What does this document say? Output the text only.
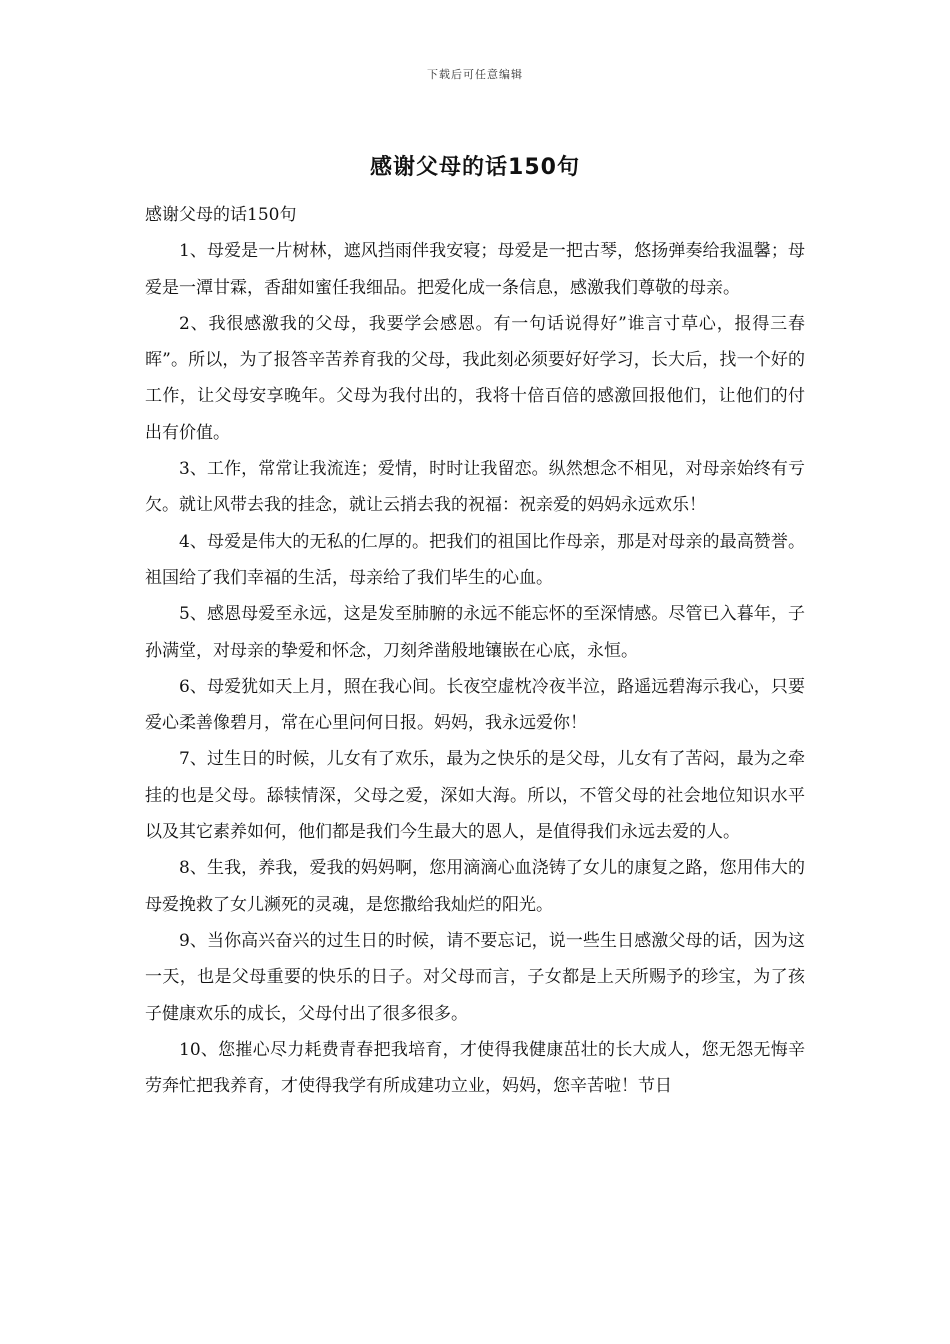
下载后可任意编辑
感谢父母的话150句

感谢父母的话150句

1、母爱是一片树林，遮风挡雨伴我安寝；母爱是一把古琴，悠扬弹奏给我温馨；母爱是一潭甘霖，香甜如蜜任我细品。把爱化成一条信息，感激我们尊敬的母亲。

2、我很感激我的父母，我要学会感恩。有一句话说得好”谁言寸草心，报得三春晖”。所以，为了报答辛苦养育我的父母，我此刻必须要好好学习，长大后，找一个好的工作，让父母安享晚年。父母为我付出的，我将十倍百倍的感激回报他们，让他们的付出有价值。

3、工作，常常让我流连；爱情，时时让我留恋。纵然想念不相见，对母亲始终有亏欠。就让风带去我的挂念，就让云捎去我的祝福：祝亲爱的妈妈永远欢乐！

4、母爱是伟大的无私的仁厚的。把我们的祖国比作母亲，那是对母亲的最高赞誉。祖国给了我们幸福的生活，母亲给了我们毕生的心血。

5、感恩母爱至永远，这是发至肺腑的永远不能忘怀的至深情感。尽管已入暮年，子孙满堂，对母亲的挚爱和怀念，刀刻斧凿般地镶嵌在心底，永恒。

6、母爱犹如天上月，照在我心间。长夜空虚枕冷夜半泣，路遥远碧海示我心，只要爱心柔善像碧月，常在心里问何日报。妈妈，我永远爱你！

7、过生日的时候，儿女有了欢乐，最为之快乐的是父母，儿女有了苦闷，最为之牵挂的也是父母。舔犊情深，父母之爱，深如大海。所以，不管父母的社会地位知识水平以及其它素养如何，他们都是我们今生最大的恩人，是值得我们永远去爱的人。

8、生我，养我，爱我的妈妈啊，您用滴滴心血浇铸了女儿的康复之路，您用伟大的母爱挽救了女儿濒死的灵魂，是您撒给我灿烂的阳光。

9、当你高兴奋兴的过生日的时候，请不要忘记，说一些生日感激父母的话，因为这一天，也是父母重要的快乐的日子。对父母而言，子女都是上天所赐予的珍宝，为了孩子健康欢乐的成长，父母付出了很多很多。

10、您摧心尽力耗费青春把我培育，才使得我健康茁壮的长大成人，您无怨无悔辛劳奔忙把我养育，才使得我学有所成建功立业，妈妈，您辛苦啦！节日
